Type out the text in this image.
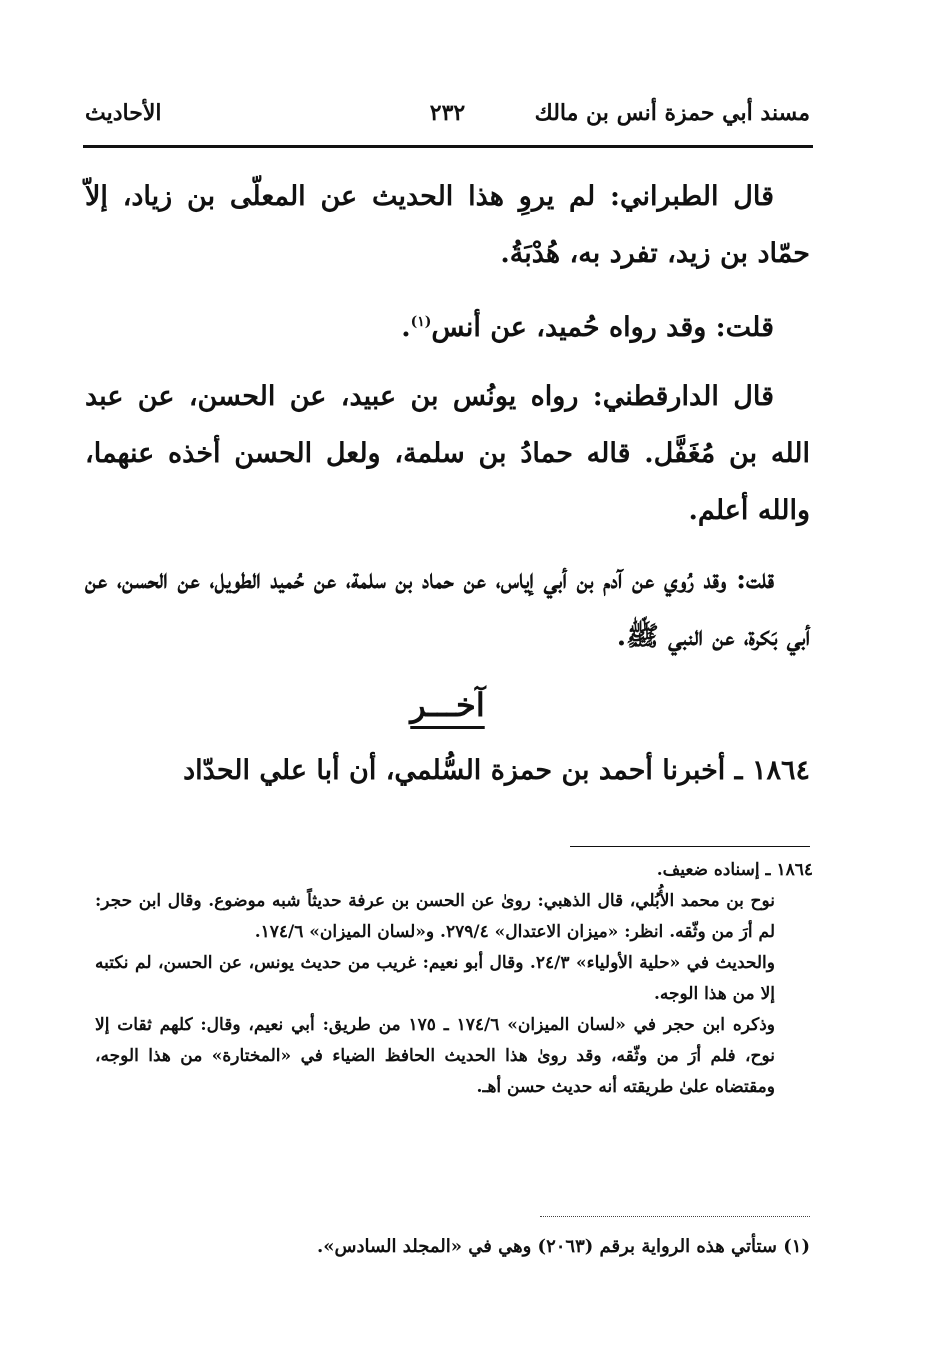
مسند أبي حمزة أنس بن مالك
٢٣٢
الأحاديث

قال الطبراني: لم يروِ هذا الحديث عن المعلّى بن زياد، إلاّ حمّاد بن زيد، تفرد به، هُدْبَةُ.

قلت: وقد رواه حُميد، عن أنس$^{(١)}$.

قال الدارقطني: رواه يونُس بن عبيد، عن الحسن، عن عبد الله بن مُغَفَّل. قاله حمادُ بن سلمة، ولعل الحسن أخذه عنهما، والله أعلم.

قلت: وقد رُوي عن آدم بن أبي إياس، عن حماد بن سلمة، عن حُميد الطويل، عن الحسن، عن أبي بَكرة، عن النبي ﷺ.

آخـــر

١٨٦٤ ـ أخبرنا أحمد بن حمزة السُّلمي، أن أبا علي الحدّاد

١٨٦٤ ـ إسناده ضعيف.

نوح بن محمد الأُبُلي، قال الذهبي: روىٰ عن الحسن بن عرفة حديثاً شبه موضوع. وقال ابن حجر: لم أرَ من وثّقه. انظر: «ميزان الاعتدال» ٢٧٩/٤. و«لسان الميزان» ١٧٤/٦.

والحديث في «حلية الأولياء» ٢٤/٣. وقال أبو نعيم: غريب من حديث يونس، عن الحسن، لم نكتبه إلا من هذا الوجه.

وذكره ابن حجر في «لسان الميزان» ١٧٤/٦ ـ ١٧٥ من طريق: أبي نعيم، وقال: كلهم ثقات إلا نوح، فلم أرَ من وثّقه، وقد روىٰ هذا الحديث الحافظ الضياء في «المختارة» من هذا الوجه، ومقتضاه علىٰ طريقته أنه حديث حسن أهـ.

(١) ستأتي هذه الرواية برقم (٢٠٦٣) وهي في «المجلد السادس».
